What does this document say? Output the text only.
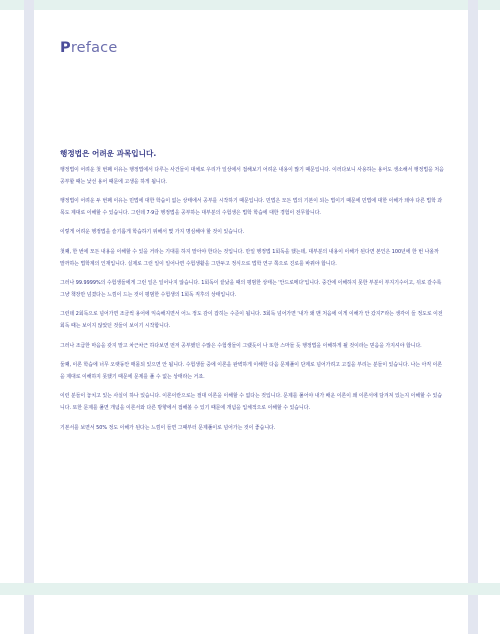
Preface
행정법은 어려운 과목입니다.

행정법이 어려운 첫 번째 이유는 행정법에서 다루는 사건들이 대체로 우리가 일상에서 접해보기 어려운 내용이 많기 때문입니다. 이러다보니 사용하는 용어도 생소해서 행정법을 처음 공부할 때는 낯선 용어 때문에 고생을 하게 됩니다.

행정법이 어려운 두 번째 이유는 민법에 대한 학습이 없는 상태에서 공부를 시작하기 때문입니다. 민법은 모든 법의 기본이 되는 법이기 때문에 민법에 대한 이해가 돼야 다른 법학 과목도 제대로 이해할 수 있습니다. 그런데 7‧9급 행정법을 공부하는 대부분의 수험생은 법학 학습에 대한 경험이 전무합니다.

이렇게 어려운 행정법을 슬기롭게 학습하기 위해서 몇 가지 명심해야 할 것이 있습니다.

첫째, 한 번에 모든 내용을 이해할 수 있을 거라는 기대를 하지 말아야 한다는 것입니다. 만일 행정법 1회독을 했는데, 대부분의 내용이 이해가 된다면 본인은 100년에 한 번 나올까 말까하는 법학계의 인재입니다. 실제로 그런 일이 일어나면 수험생활을 그만두고 정식으로 법학 연구 쪽으로 진로를 바꿔야 합니다.

그러나 99.9999%의 수험생들에게 그런 일은 일어나지 않습니다. 1회독이 끝났을 때의 평범한 상태는 '안드로메다'입니다. 중간에 이해하지 못한 부분이 부지기수이고, 뒤로 갈수록 그냥 책장만 넘겼다는 느낌이 드는 것이 평범한 수험생의 1회독 직후의 상태입니다.

그런데 2회독으로 넘어가면 조금씩 용어에 익숙해지면서 어느 정도 감이 잡히는 수준이 됩니다. 3회독 넘어가면 '내가 왜 맨 처음에 이게 이해가 안 갔지?'라는 생각이 들 정도로 이전 회독 때는 보이지 않았던 것들이 보이기 시작합니다.

그러나 조급한 마음을 갖지 말고 차근차근 하다보면 먼저 공부했던 수많은 수험생들이 그랬듯이 나 또한 스마들 듯 행정법을 이해하게 될 것이라는 믿음을 가지셔야 합니다.

둘째, 이론 학습에 너무 오랫동안 매몰되 있으면 안 됩니다. 수험생들 중에 이론을 완벽하게 이해한 다음 문제풀이 단계로 넘어가려고 고집을 부리는 분들이 있습니다. 나는 아직 이론을 제대로 이해하지 못했기 때문에 문제를 풀 수 없는 상태라는 거죠.

이런 분들이 놓치고 있는 사실이 하나 있습니다. 이론이란으로는 절대 이론을 이해할 수 없다는 것입니다. 문제를 풀어야 내가 배운 이론이 왜 이론서에 담겨져 있는지 이해할 수 있습니다. 또한 문제를 풀면 개념을 이론서와 다른 방향에서 접해볼 수 있기 때문에 개념을 입체적으로 이해할 수 있습니다.

기본서를 보면서 50% 정도 이해가 된다는 느낌이 들면 그때부터 문제풀이로 넘어가는 것이 좋습니다.
